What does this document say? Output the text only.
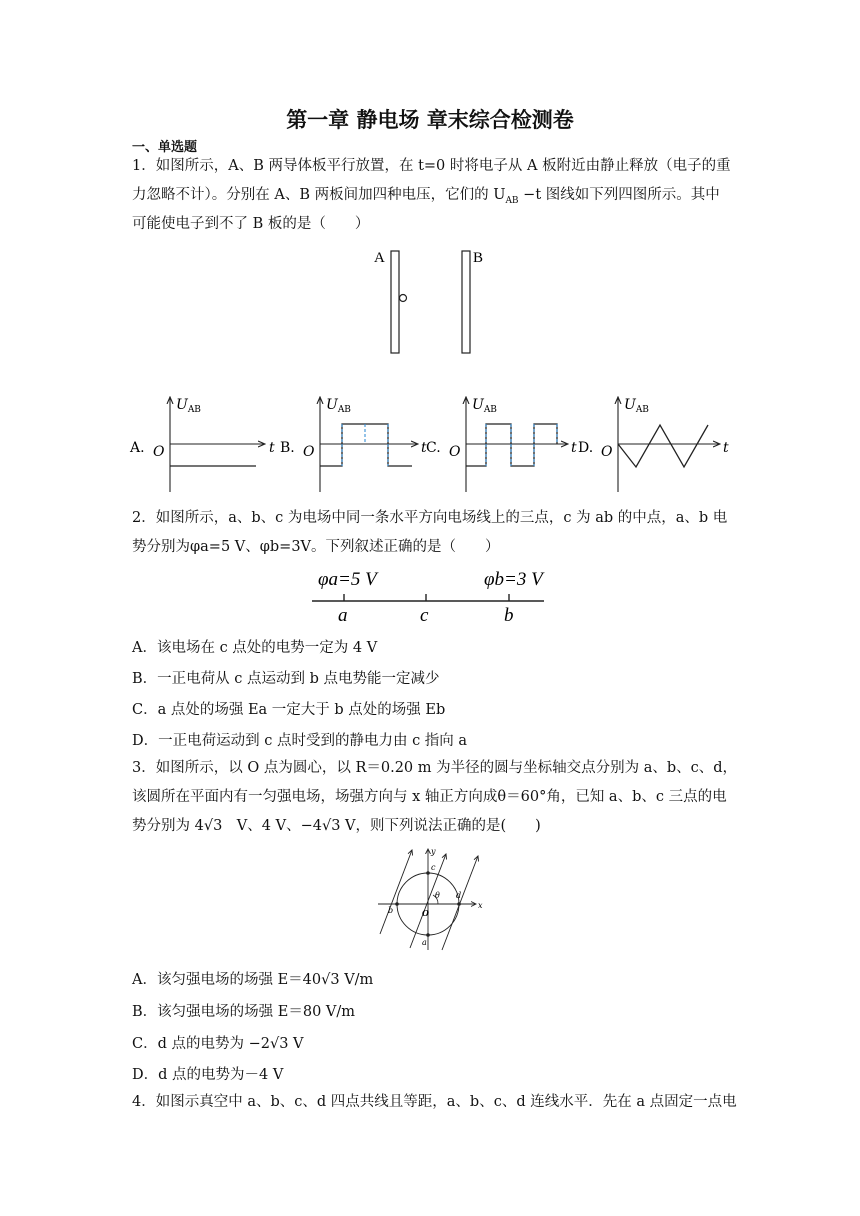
第一章 静电场 章末综合检测卷
一、单选题
1．如图所示，A、B 两导体板平行放置，在 t=0 时将电子从 A 板附近由静止释放（电子的重
力忽略不计）。分别在 A、B 两板间加四种电压，它们的 $U_{AB} -t$ 图线如下列四图所示。其中
可能使电子到不了 B 板的是（　　）
A	B
A.
$U_{AB}$
t
O	B.
$U_{AB}$
t
O	C.
$U_{AB}$
t
O	D.
$U_{AB}$
t
O
2．如图所示，a、b、c 为电场中同一条水平方向电场线上的三点，c 为 ab 的中点，a、b 电
势分别为φa=5 V、φb=3V。下列叙述正确的是（　　）
φa=5 V	φb=3 V
a	c	b
A．该电场在 c 点处的电势一定为 4 V
B．一正电荷从 c 点运动到 b 点电势能一定减少
C．a 点处的场强 Ea 一定大于 b 点处的场强 Eb
D．一正电荷运动到 c 点时受到的静电力由 c 指向 a
3．如图所示，以 O 点为圆心，以 R＝0.20 m 为半径的圆与坐标轴交点分别为 a、b、c、d，
该圆所在平面内有一匀强电场，场强方向与 x 轴正方向成θ＝60°角，已知 a、b、c 三点的电
势分别为 4√3　V、4 V、−4√3 V，则下列说法正确的是(　　)
x
y
O
θ
a
b
c
d
A．该匀强电场的场强 E＝40√3 V/m
B．该匀强电场的场强 E＝80 V/m
C．d 点的电势为 −2√3 V
D．d 点的电势为－4 V
4．如图示真空中 a、b、c、d 四点共线且等距，a、b、c、d 连线水平．先在 a 点固定一点电
